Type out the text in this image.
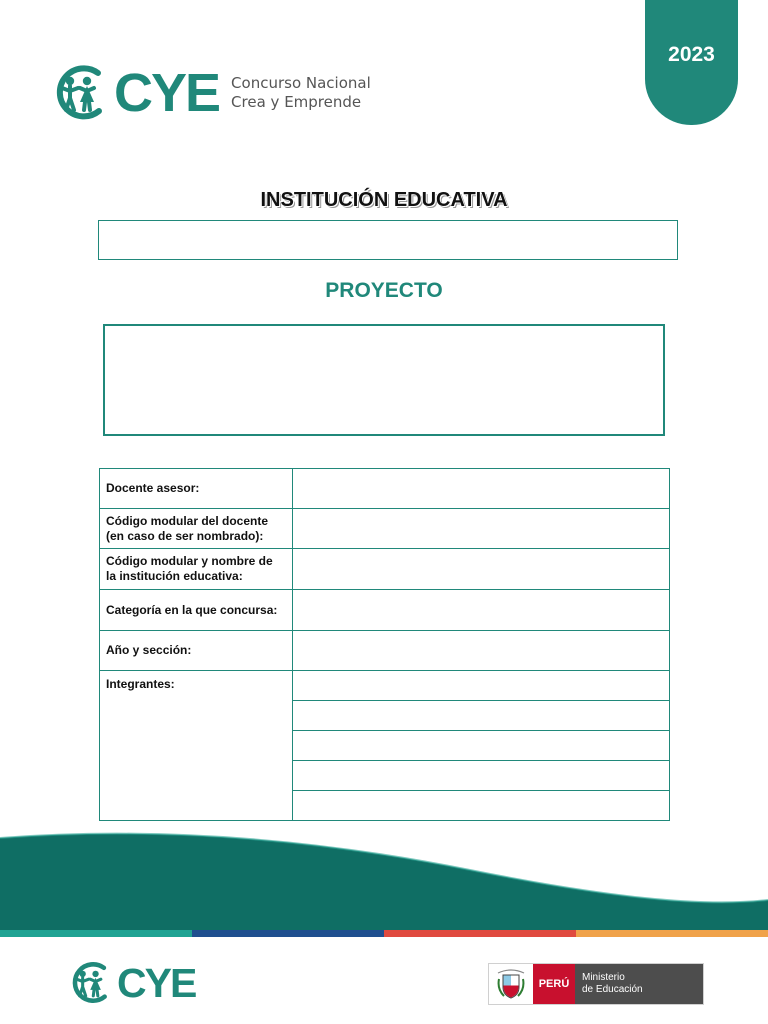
2023
CYE Concurso Nacional
Crea y Emprende
INSTITUCIÓN EDUCATIVA
PROYECTO
Docente asesor:	
Código modular del docente (en caso de ser nombrado):	
Código modular y nombre de la institución educativa:	
Categoría en la que concursa:	
Año y sección:	
Integrantes:	

CYE	PERÚ
Ministerio
de Educación
